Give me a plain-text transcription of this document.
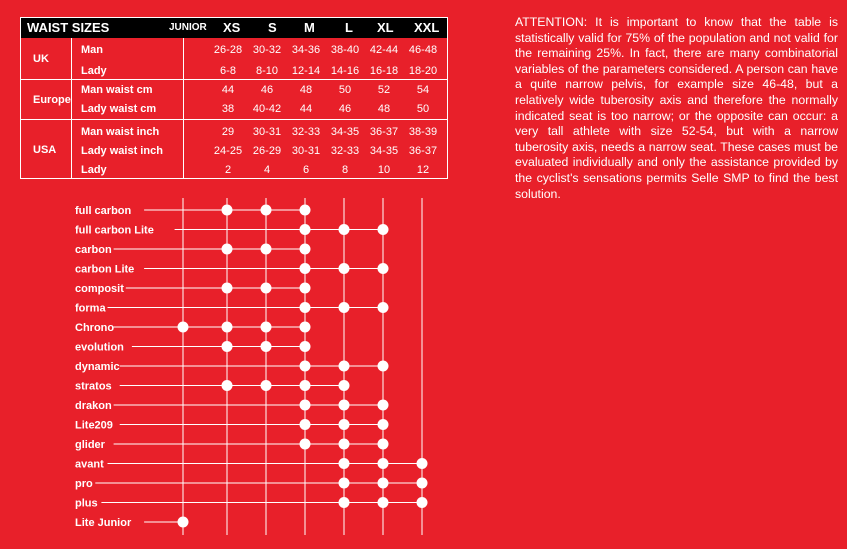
WAIST SIZES	JUNIOR XS S M L XL XXL
UK
Europe
USA
Man	26-28 30-32 34-36 38-40 42-44 46-48
Lady	6-8	8-10	12-14 14-16 16-18 18-20
Man waist cm	44	46	48	50	52	54
Lady waist cm	38	40-42	44	46	48	50
Man waist inch	29	30-31 32-33 34-35 36-37 38-39
Lady waist inch	24-25 26-29 30-31 32-33 34-35 36-37
Lady	2	4	6	8	10	12
full carbon
full carbon Lite
carbon
carbon Lite
composit
forma
Chrono
evolution
dynamic
stratos
drakon
Lite209
glider
avant
pro
plus
Lite Junior

ATTENTION: It is important to know that the table is statistically valid for 75% of the population and not valid for the remaining 25%. In fact, there are many combinatorial variables of the parameters considered. A person can have a quite narrow pelvis, for example size 46-48, but a relatively wide tuberosity axis and therefore the normally indicated seat is too narrow; or the opposite can occur: a very tall athlete with size 52-54, but with a narrow tuberosity axis, needs a narrow seat. These cases must be evaluated individually and only the assistance provided by the cyclist's sensations permits Selle SMP to find the best solution.
